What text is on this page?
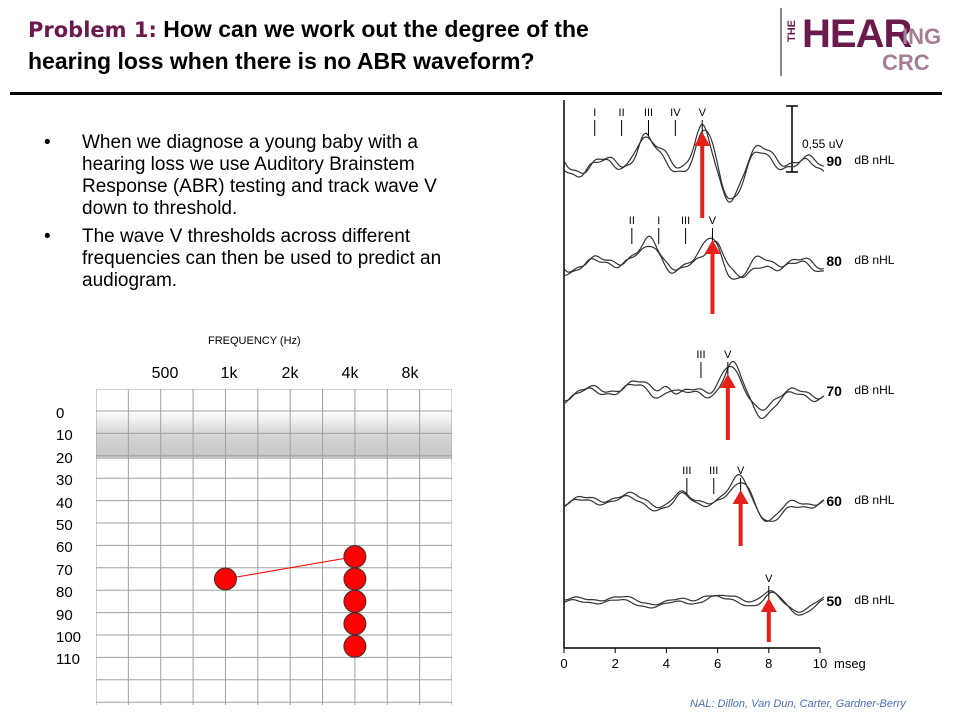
Problem 1: How can we work out the degree of the
hearing loss when there is no ABR waveform?
THE HEAR
ING
CRC
• When we diagnose a young baby with a hearing loss we use Auditory Brainstem Response (ABR) testing and track wave V down to threshold.
• The wave V thresholds across different frequencies can then be used to predict an audiogram.
FREQUENCY (Hz)
500	1k	2k	4k	8k
0
10
20
30
40
50
60
70
80
90
100
110
0,55 uV
0	2	4	6	8	10 mseg
90 dB nHL
80 dB nHL
70 dB nHL
60 dB nHL
50 dB nHL
I II III IV V
II I III V
III V
III III V
V
NAL: Dillon, Van Dun, Carter, Gardner-Berry
